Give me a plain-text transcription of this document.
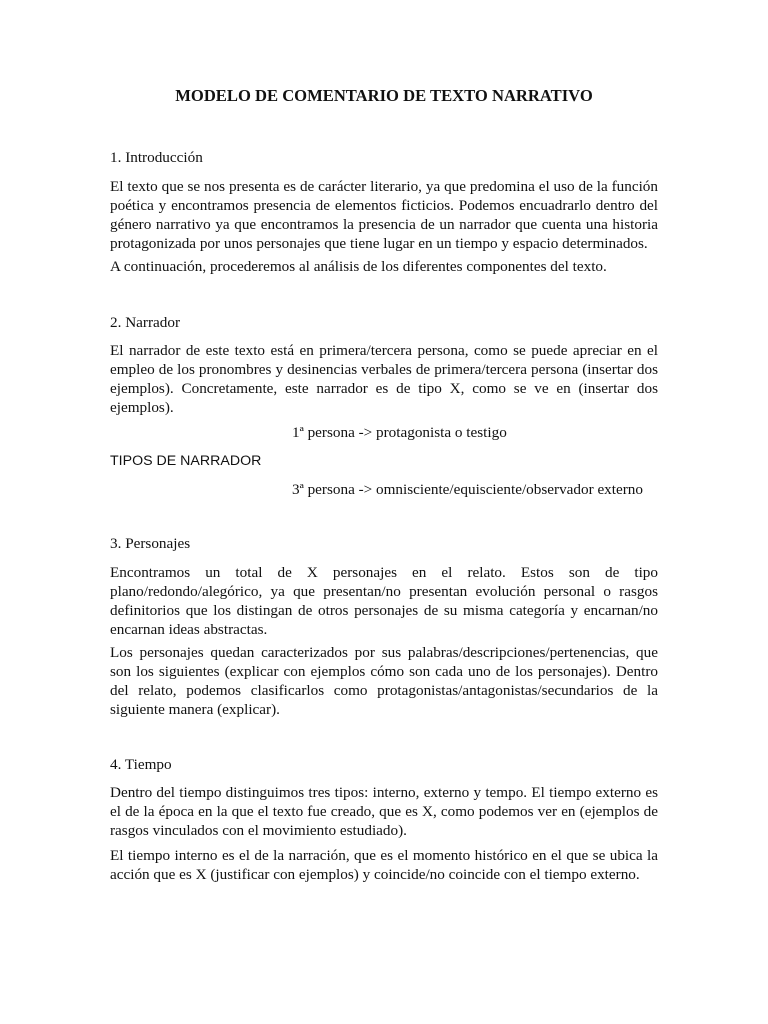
MODELO DE COMENTARIO DE TEXTO NARRATIVO

1. Introducción

El texto que se nos presenta es de carácter literario, ya que predomina el uso de la función poética y encontramos presencia de elementos ficticios. Podemos encuadrarlo dentro del género narrativo ya que encontramos la presencia de un narrador que cuenta una historia protagonizada por unos personajes que tiene lugar en un tiempo y espacio determinados.

A continuación, procederemos al análisis de los diferentes componentes del texto.

2. Narrador

El narrador de este texto está en primera/tercera persona, como se puede apreciar en el empleo de los pronombres y desinencias verbales de primera/tercera persona (insertar dos ejemplos). Concretamente, este narrador es de tipo X, como se ve en (insertar dos ejemplos).

1ª persona -> protagonista o testigo

TIPOS DE NARRADOR

3ª persona -> omnisciente/equisciente/observador externo

3. Personajes

Encontramos un total de X personajes en el relato. Estos son de tipo plano/redondo/alegórico, ya que presentan/no presentan evolución personal o rasgos definitorios que los distingan de otros personajes de su misma categoría y encarnan/no encarnan ideas abstractas.

Los personajes quedan caracterizados por sus palabras/descripciones/pertenencias, que son los siguientes (explicar con ejemplos cómo son cada uno de los personajes). Dentro del relato, podemos clasificarlos como protagonistas/antagonistas/secundarios de la siguiente manera (explicar).

4. Tiempo

Dentro del tiempo distinguimos tres tipos: interno, externo y tempo. El tiempo externo es el de la época en la que el texto fue creado, que es X, como podemos ver en (ejemplos de rasgos vinculados con el movimiento estudiado).

El tiempo interno es el de la narración, que es el momento histórico en el que se ubica la acción que es X (justificar con ejemplos) y coincide/no coincide con el tiempo externo.
